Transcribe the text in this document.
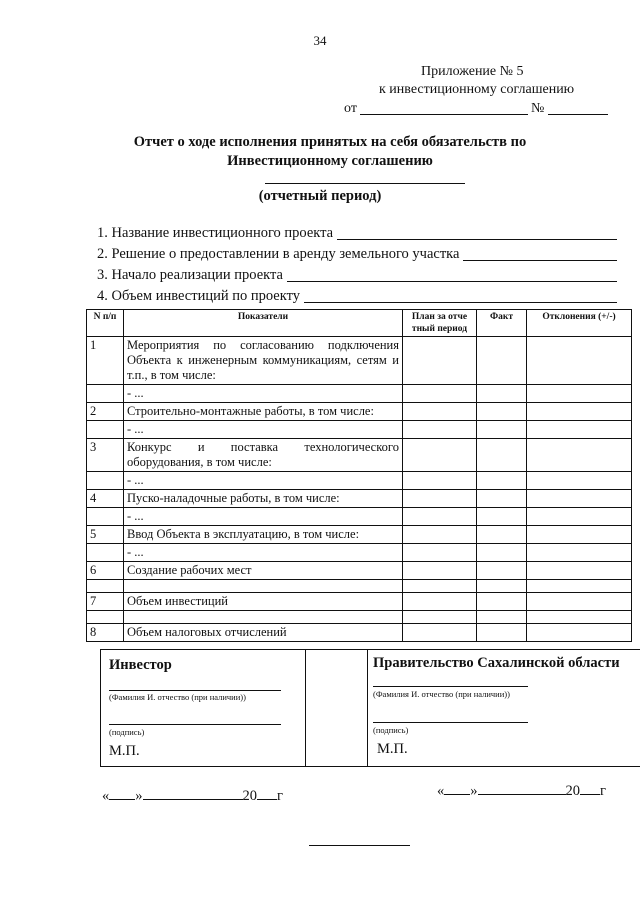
34
Приложение № 5
к инвестиционному соглашению
от	№
Отчет о ходе исполнения принятых на себя обязательств по
Инвестиционному соглашению
(отчетный период)
1. Название инвестиционного проекта
2. Решение о предоставлении в аренду земельного участка
3. Начало реализации проекта
4. Объем инвестиций по проекту
N п/п	Показатели	План за отче тный период	Факт	Отклонения (+/-)
1	Мероприятия по согласованию подключения Объекта к инженерным коммуникациям, сетям и т.п., в том числе:			
	- ...			
2	Строительно-монтажные работы, в том числе:			
	- ...			
3	Конкурс и поставка технологического оборудования, в том числе:			
	- ...			
4	Пуско-наладочные работы, в том числе:			
	- ...			
5	Ввод Объекта в эксплуатацию, в том числе:			
	- ...			
6	Создание рабочих мест			

7	Объем инвестиций			

8	Объем налоговых отчислений			
Инвестор
(Фамилия И. отчество (при наличии))
(подпись)
М.П.
Правительство Сахалинской области
(Фамилия И. отчество (при наличии))
(подпись)
М.П.
« »	20 г	« »	20 г
